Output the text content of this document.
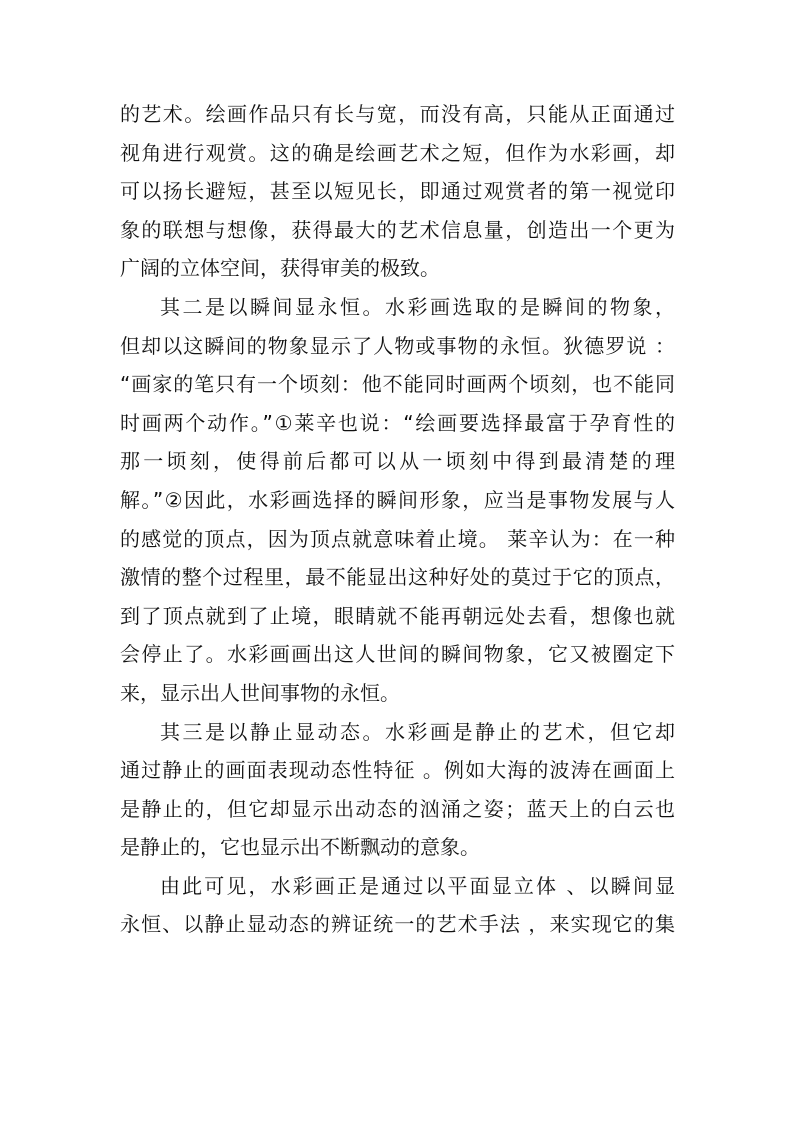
的艺术。绘画作品只有长与宽，而没有高，只能从正面通过
视角进行观赏。这的确是绘画艺术之短，但作为水彩画，却
可以扬长避短，甚至以短见长，即通过观赏者的第一视觉印
象的联想与想像，获得最大的艺术信息量，创造出一个更为
广阔的立体空间，获得审美的极致。

其二是以瞬间显永恒。水彩画选取的是瞬间的物象，
但却以这瞬间的物象显示了人物或事物的永恒。狄德罗说 ：
“画家的笔只有一个顷刻：他不能同时画两个顷刻，也不能同
时画两个动作。”①莱辛也说：“绘画要选择最富于孕育性的
那一顷刻，使得前后都可以从一顷刻中得到最清楚的理
解。”②因此，水彩画选择的瞬间形象，应当是事物发展与人
的感觉的顶点，因为顶点就意味着止境。 莱辛认为：在一种
激情的整个过程里，最不能显出这种好处的莫过于它的顶点，
到了顶点就到了止境，眼睛就不能再朝远处去看，想像也就
会停止了。水彩画画出这人世间的瞬间物象，它又被圈定下
来，显示出人世间事物的永恒。

其三是以静止显动态。水彩画是静止的艺术，但它却
通过静止的画面表现动态性特征 。例如大海的波涛在画面上
是静止的，但它却显示出动态的汹涌之姿；蓝天上的白云也
是静止的，它也显示出不断飘动的意象。

由此可见，水彩画正是通过以平面显立体 、以瞬间显
永恒、以静止显动态的辨证统一的艺术手法 ，来实现它的集
